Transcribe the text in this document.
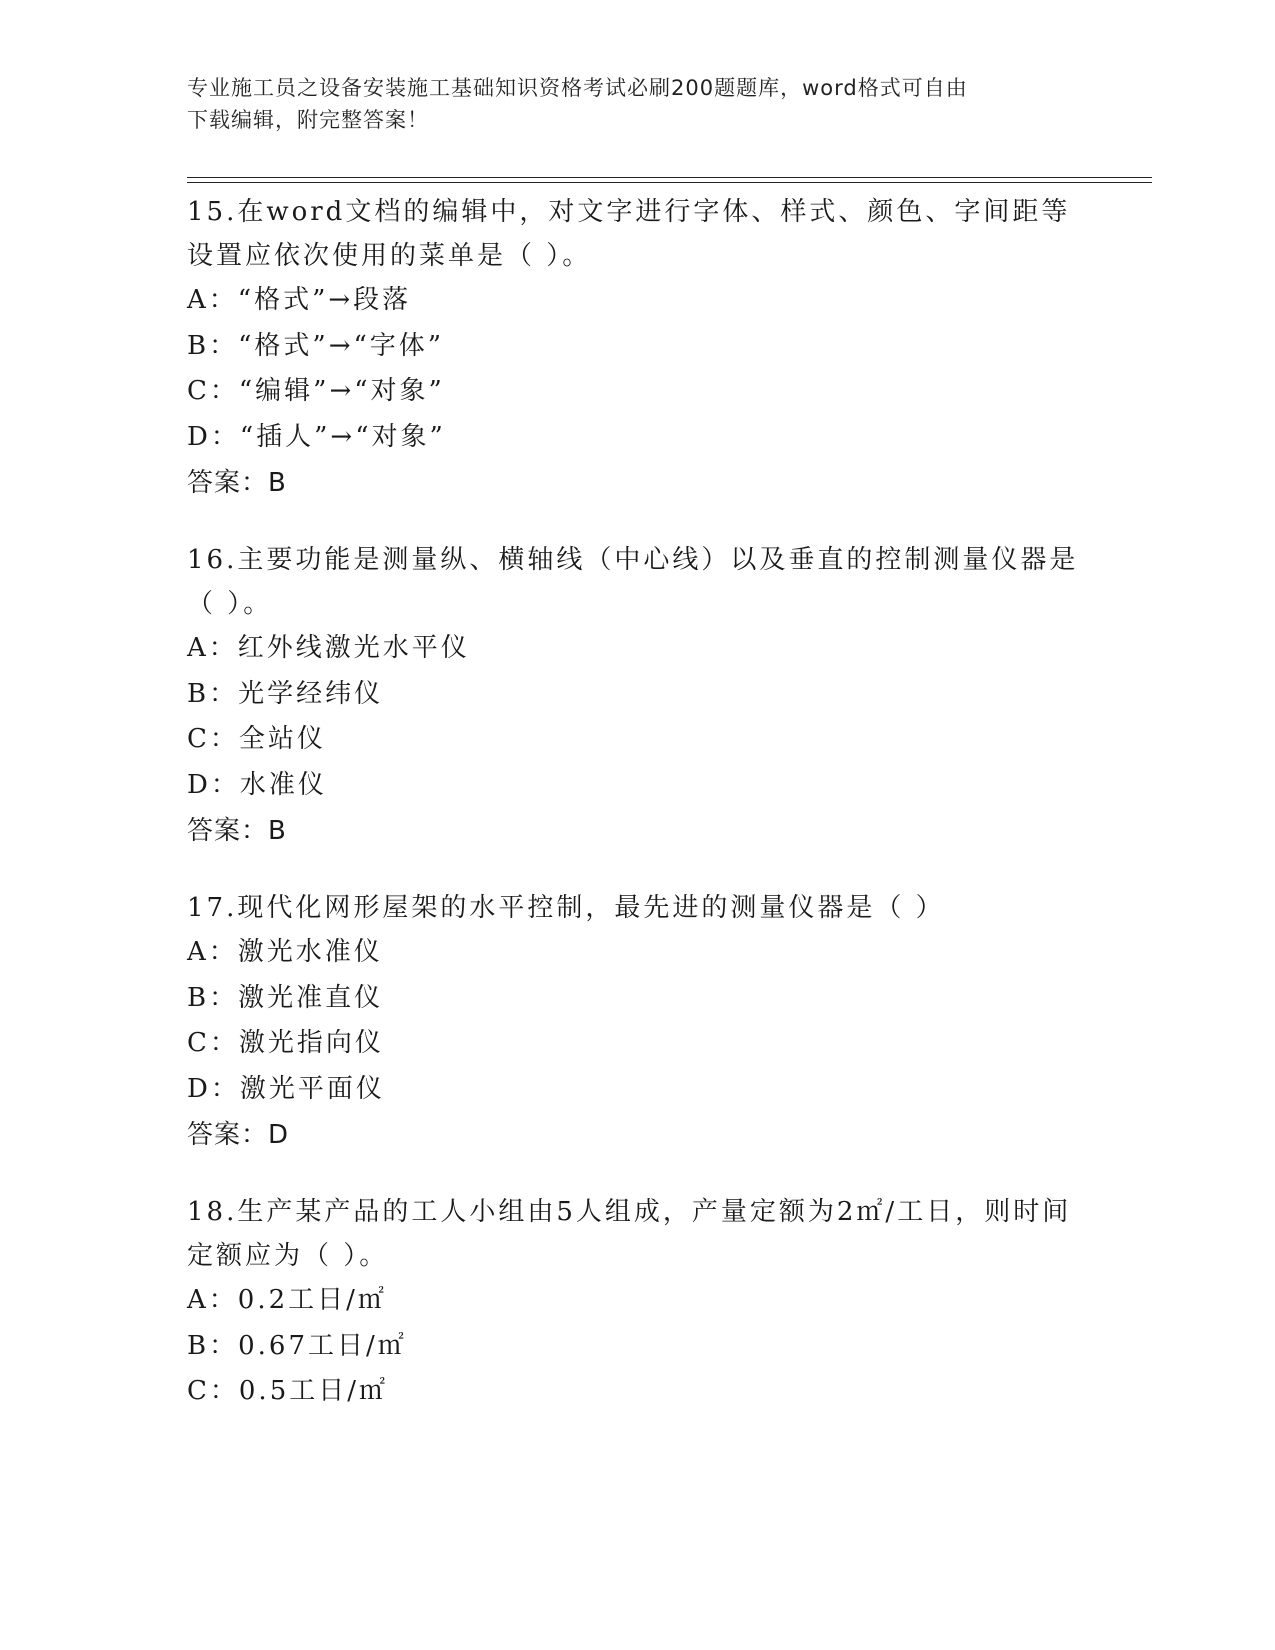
专业施工员之设备安装施工基础知识资格考试必刷200题题库，word格式可自由
下载编辑，附完整答案！

15.在word文档的编辑中，对文字进行字体、样式、颜色、字间距等

设置应依次使用的菜单是（ ）。

A：“格式”→段落

B：“格式”→“字体”

C：“编辑”→“对象”

D：“插人”→“对象”

答案：B

16.主要功能是测量纵、横轴线（中心线）以及垂直的控制测量仪器是

（ ）。

A：红外线激光水平仪

B：光学经纬仪

C：全站仪

D：水准仪

答案：B

17.现代化网形屋架的水平控制，最先进的测量仪器是（ ）

A：激光水准仪

B：激光准直仪

C：激光指向仪

D：激光平面仪

答案：D

18.生产某产品的工人小组由5人组成，产量定额为2㎡/工日，则时间

定额应为（ ）。

A：0.2工日/㎡

B：0.67工日/㎡

C：0.5工日/㎡
